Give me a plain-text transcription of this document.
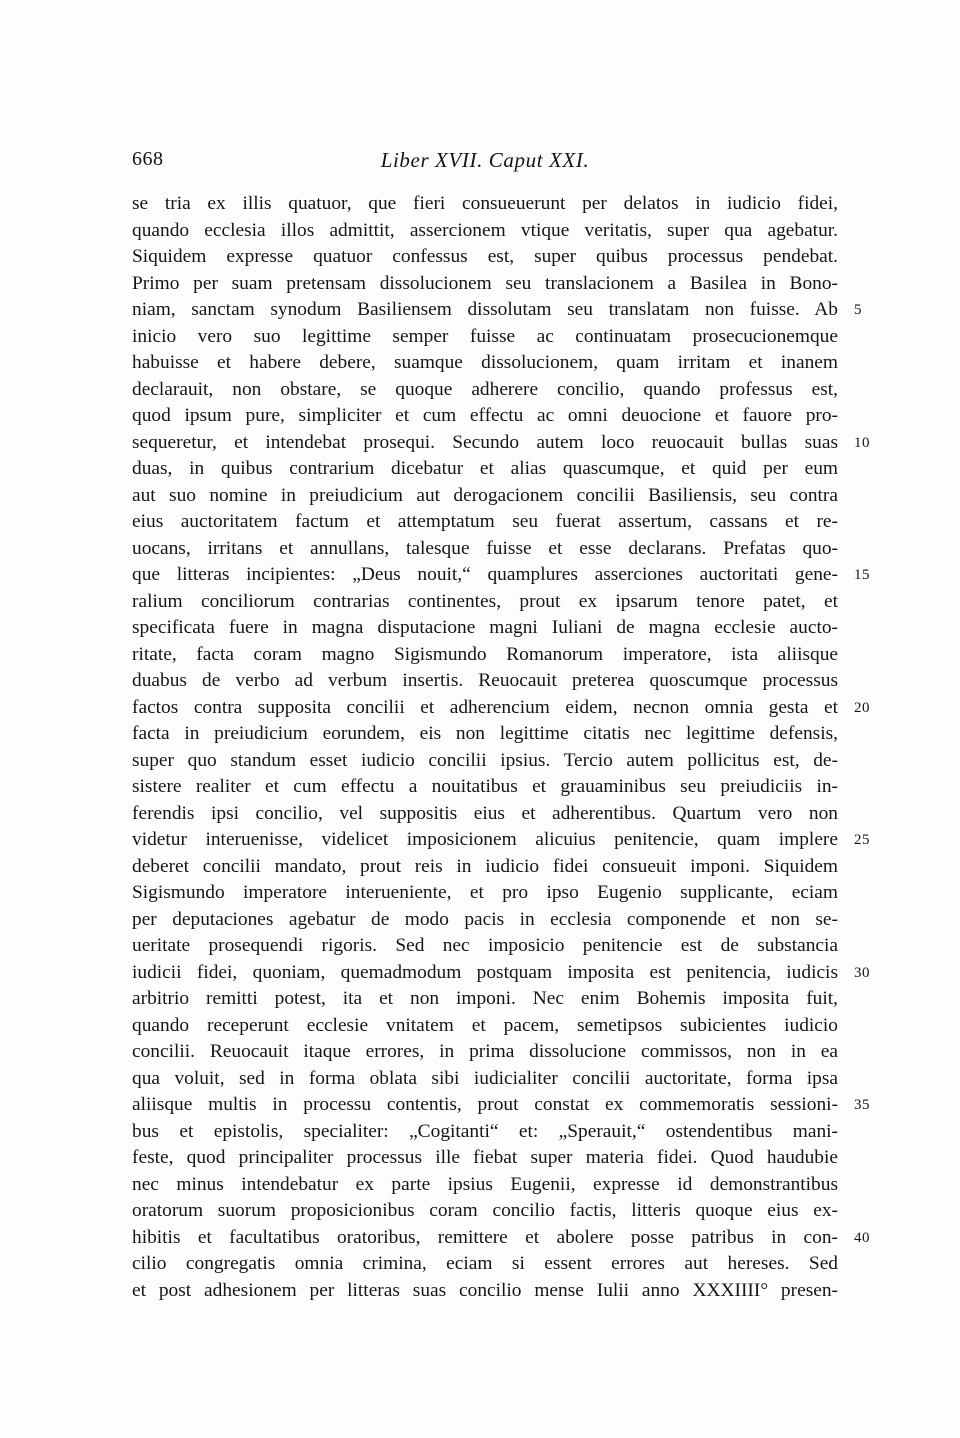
668	Liber XVII. Caput XXI.
se tria ex illis quatuor, que fieri consueuerunt per delatos in iudicio fidei,
quando ecclesia illos admittit, assercionem vtique veritatis, super qua agebatur.
Siquidem expresse quatuor confessus est, super quibus processus pendebat.
Primo per suam pretensam dissolucionem seu translacionem a Basilea in Bono-
niam, sanctam synodum Basiliensem dissolutam seu translatam non fuisse. Ab 5
inicio vero suo legittime semper fuisse ac continuatam prosecucionemque
habuisse et habere debere, suamque dissolucionem, quam irritam et inanem
declarauit, non obstare, se quoque adherere concilio, quando professus est,
quod ipsum pure, simpliciter et cum effectu ac omni deuocione et fauore pro-
sequeretur, et intendebat prosequi. Secundo autem loco reuocauit bullas suas 10
duas, in quibus contrarium dicebatur et alias quascumque, et quid per eum
aut suo nomine in preiudicium aut derogacionem concilii Basiliensis, seu contra
eius auctoritatem factum et attemptatum seu fuerat assertum, cassans et re-
uocans, irritans et annullans, talesque fuisse et esse declarans. Prefatas quo-
que litteras incipientes: „Deus nouit,“ quamplures asserciones auctoritati gene- 15
ralium conciliorum contrarias continentes, prout ex ipsarum tenore patet, et
specificata fuere in magna disputacione magni Iuliani de magna ecclesie aucto-
ritate, facta coram magno Sigismundo Romanorum imperatore, ista aliisque
duabus de verbo ad verbum insertis. Reuocauit preterea quoscumque processus
factos contra supposita concilii et adherencium eidem, necnon omnia gesta et 20
facta in preiudicium eorundem, eis non legittime citatis nec legittime defensis,
super quo standum esset iudicio concilii ipsius. Tercio autem pollicitus est, de-
sistere realiter et cum effectu a nouitatibus et grauaminibus seu preiudiciis in-
ferendis ipsi concilio, vel suppositis eius et adherentibus. Quartum vero non
videtur interuenisse, videlicet imposicionem alicuius penitencie, quam implere 25
deberet concilii mandato, prout reis in iudicio fidei consueuit imponi. Siquidem
Sigismundo imperatore interueniente, et pro ipso Eugenio supplicante, eciam
per deputaciones agebatur de modo pacis in ecclesia componende et non se-
ueritate prosequendi rigoris. Sed nec imposicio penitencie est de substancia
iudicii fidei, quoniam, quemadmodum postquam imposita est penitencia, iudicis 30
arbitrio remitti potest, ita et non imponi. Nec enim Bohemis imposita fuit,
quando receperunt ecclesie vnitatem et pacem, semetipsos subicientes iudicio
concilii. Reuocauit itaque errores, in prima dissolucione commissos, non in ea
qua voluit, sed in forma oblata sibi iudicialiter concilii auctoritate, forma ipsa
aliisque multis in processu contentis, prout constat ex commemoratis sessioni- 35
bus et epistolis, specialiter: „Cogitanti“ et: „Sperauit,“ ostendentibus mani-
feste, quod principaliter processus ille fiebat super materia fidei. Quod haudubie
nec minus intendebatur ex parte ipsius Eugenii, expresse id demonstrantibus
oratorum suorum proposicionibus coram concilio factis, litteris quoque eius ex-
hibitis et facultatibus oratoribus, remittere et abolere posse patribus in con- 40
cilio congregatis omnia crimina, eciam si essent errores aut hereses. Sed
et post adhesionem per litteras suas concilio mense Iulii anno XXXIIII° presen-
